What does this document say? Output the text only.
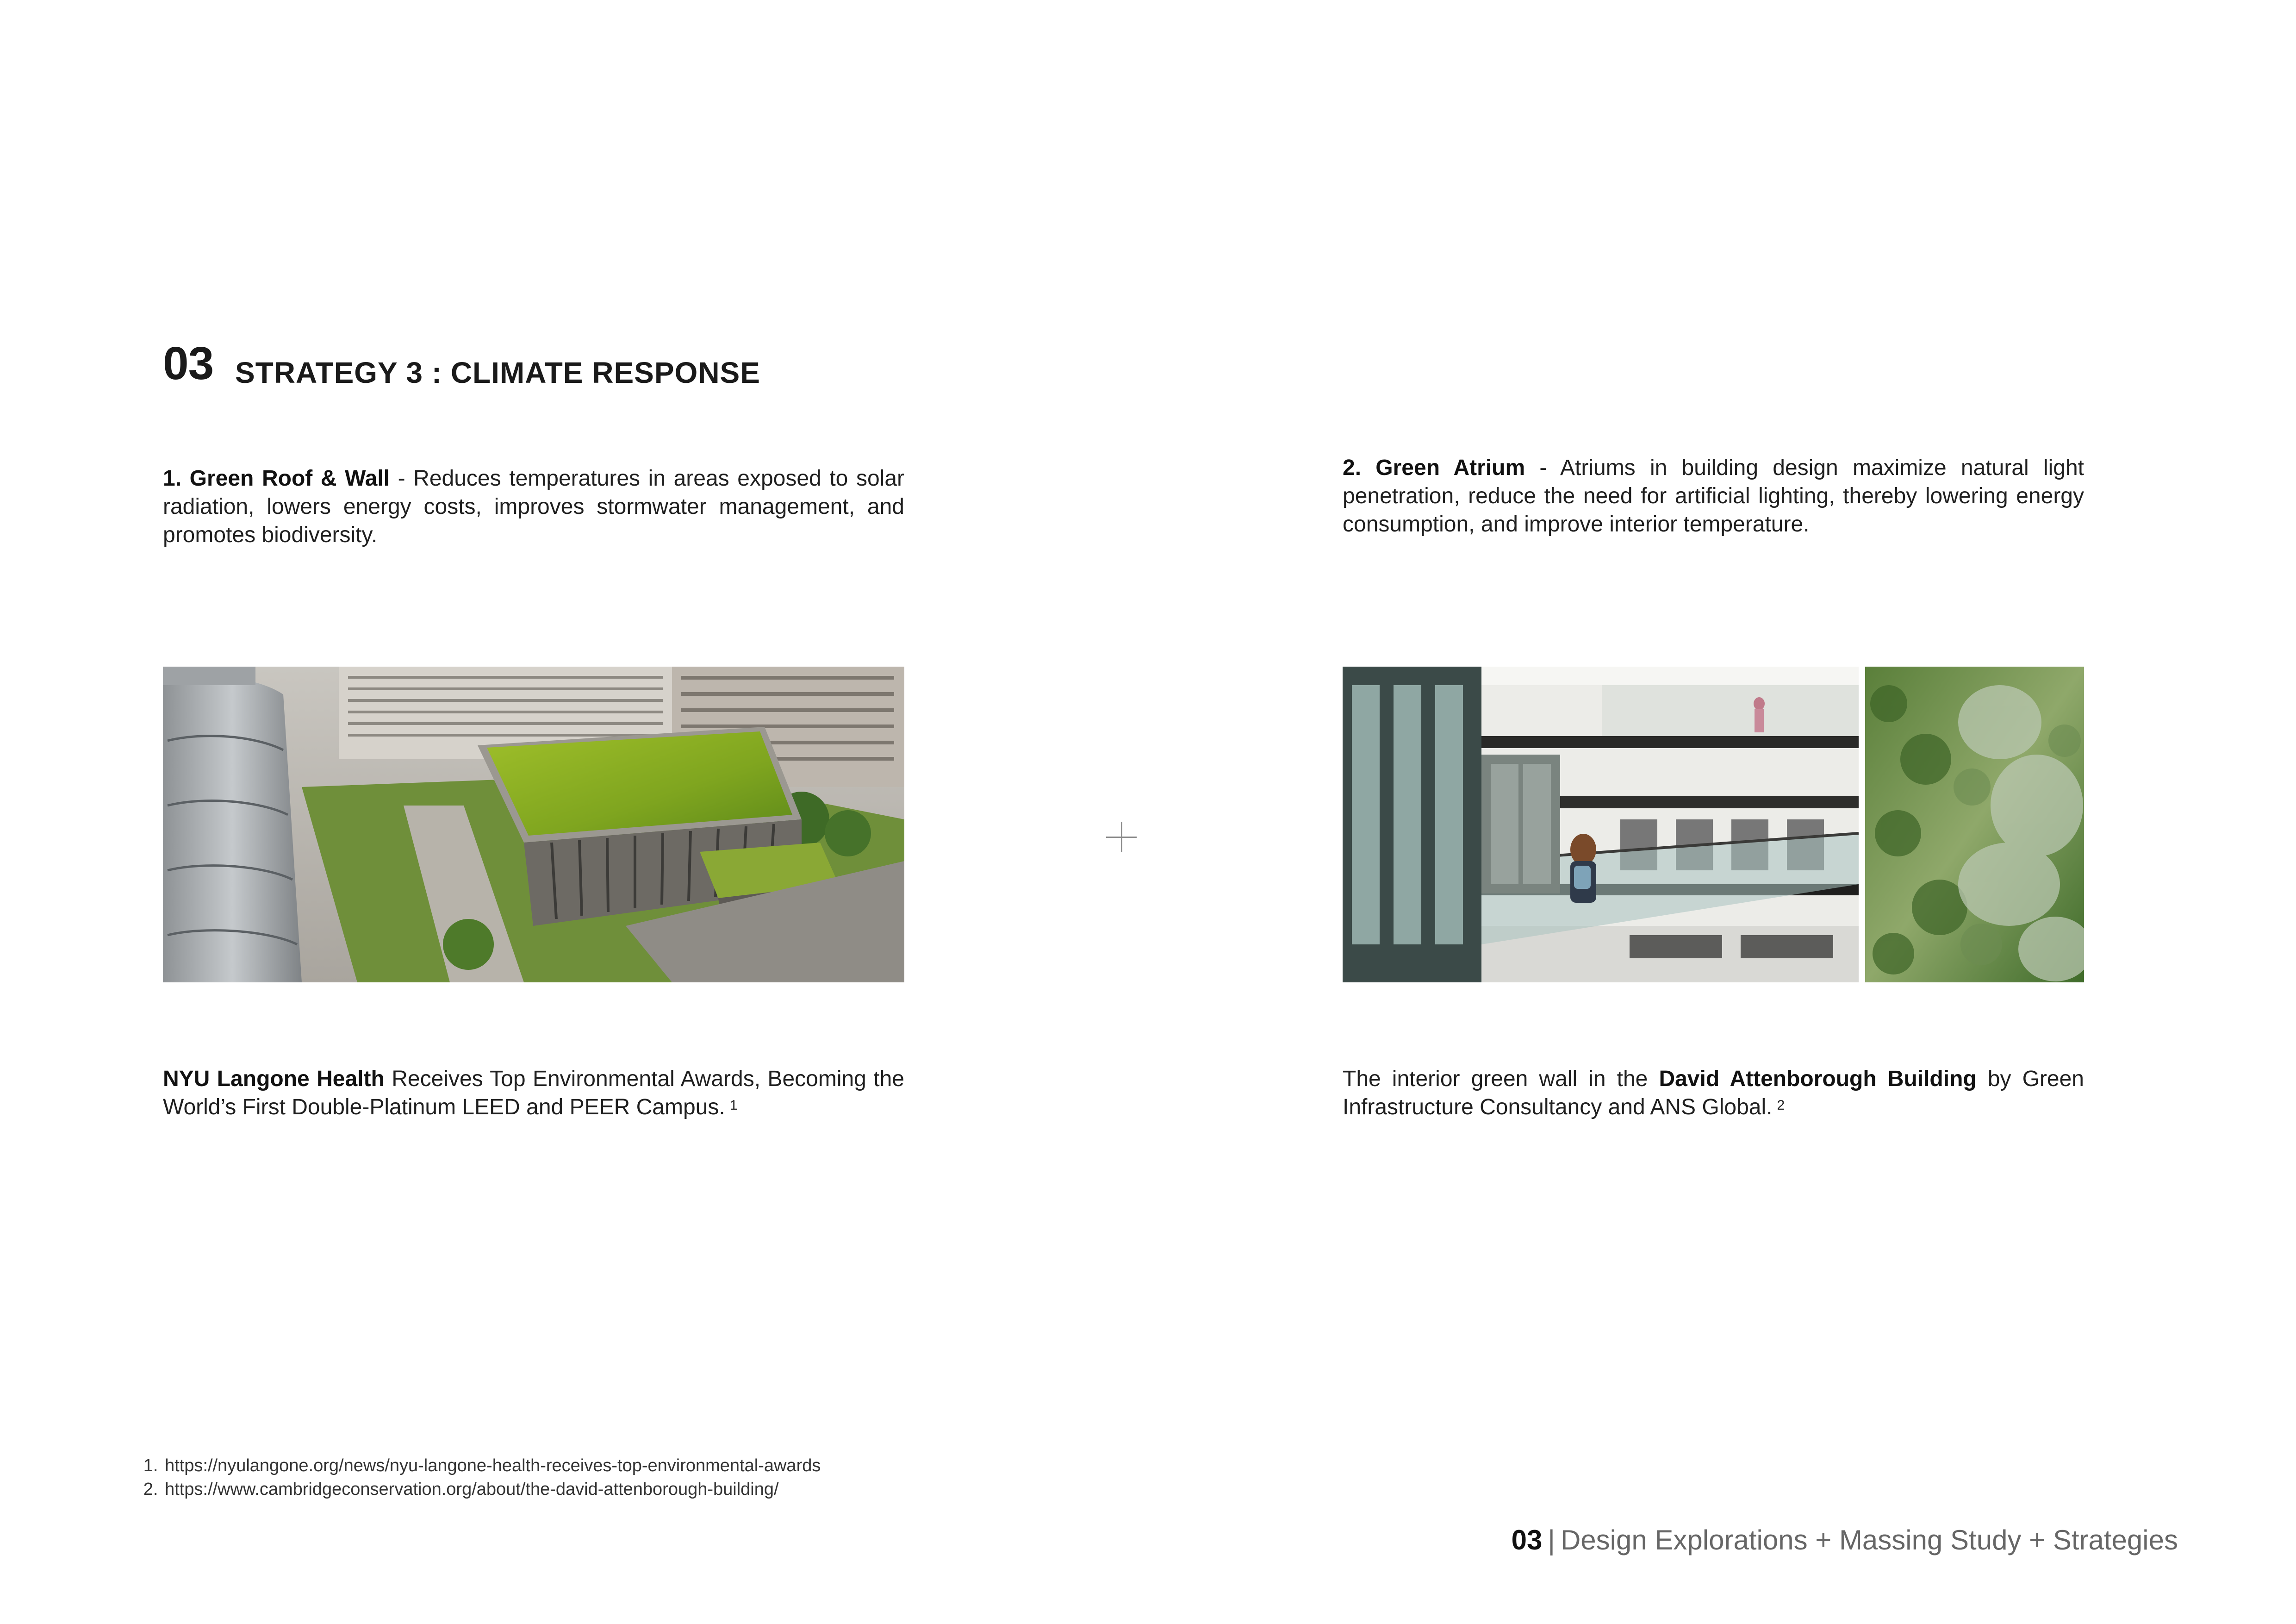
03 STRATEGY 3 : CLIMATE RESPONSE

1. Green Roof & Wall - Reduces temperatures in areas exposed to solar radiation, lowers energy costs, improves stormwater management, and promotes biodiversity.

2. Green Atrium - Atriums in building design maximize natural light penetration, reduce the need for artificial lighting, thereby lowering energy consumption, and improve interior temperature.

NYU Langone Health Receives Top Environmental Awards, Becoming the World’s First Double-Platinum LEED and PEER Campus. $^1$

The interior green wall in the David Attenborough Building by Green Infrastructure Consultancy and ANS Global. $^2$

1. https://nyulangone.org/news/nyu-langone-health-receives-top-environmental-awards
2. https://www.cambridgeconservation.org/about/the-david-attenborough-building/
03 | Design Explorations + Massing Study + Strategies
